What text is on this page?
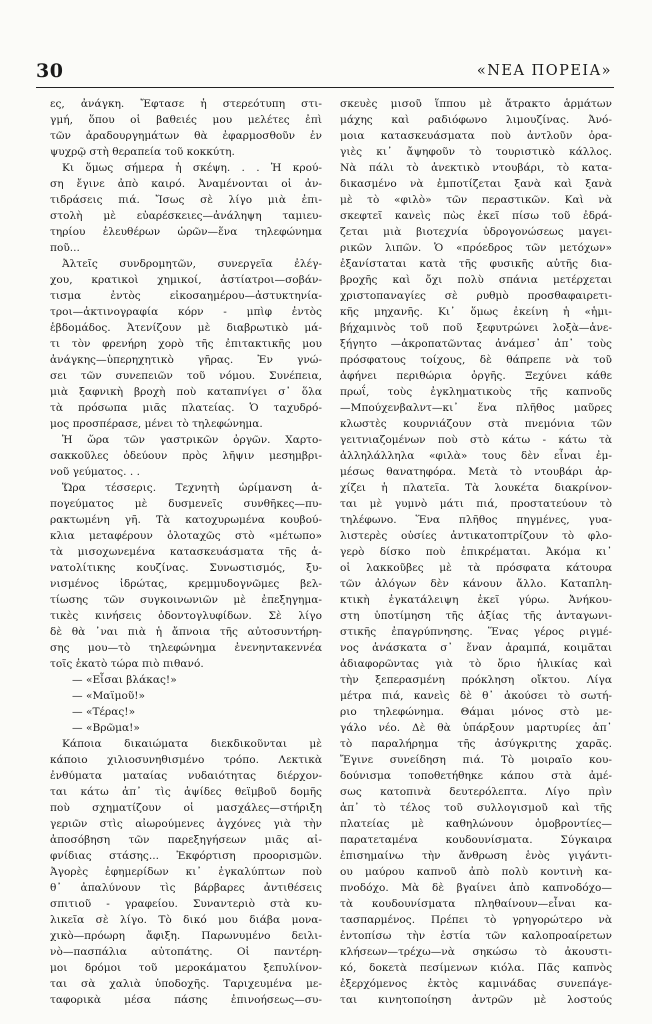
30	«ΝΕΑ ΠΟΡΕΙΑ»
ες, ἀνάγκη. Ἔφτασε ἡ στερεότυπη στι-
γμή, ὅπου οἱ βαθειές μου μελέτες ἐπὶ
τῶν ἀραδουργημάτων θὰ ἐφαρμοσθοῦν ἐν
ψυχρῷ στὴ θεραπεία τοῦ κοκκύτη.
Κι ὅμως σήμερα ἡ σκέψη. . . Ἡ κρού-
ση ἔγινε ἀπὸ καιρό. Ἀναμένονται οἱ ἀν-
τιδράσεις πιά. Ἴσως σὲ λίγο μιὰ ἐπι-
στολὴ μὲ εὐαρέσκειες—ἀνάληψη ταμιευ-
τηρίου ἐλευθέρων ὡρῶν—ἕνα τηλεφώνημα
ποῦ...
Ἀλτεῖς συνδρομητῶν, συνεργεῖα ἐλέγ-
χου, κρατικοὶ χημικοί, ἀστίατροι—σοβάν-
τισμα ἐντὸς εἰκοσαημέρου—ἀστυκτηνία-
τροι—ἀκτινογραφία κόρν - μπὶφ ἐντὸς
ἑβδομάδος. Ἀτενίζουν μὲ διαβρωτικὸ μά-
τι τὸν φρενήρη χορὸ τῆς ἐπιτακτικῆς μου
ἀνάγκης—ὑπερηχητικὸ γῆρας. Ἐν γνώ-
σει τῶν συνεπειῶν τοῦ νόμου. Συνέπεια,
μιὰ ξαφνικὴ βροχὴ ποὺ καταπνίγει σ᾿ ὅλα
τὰ πρόσωπα μιᾶς πλατείας. Ὁ ταχυδρό-
μος προσπέρασε, μένει τὸ τηλεφώνημα.
Ἡ ὥρα τῶν γαστρικῶν ὀργῶν. Χαρτο-
σακκοῦλες ὁδεύουν πρὸς λῆψιν μεσημβρι-
νοῦ γεύματος. . .
Ὥρα τέσσερις. Τεχνητὴ ὡρίμανση ἀ-
πογεύματος μὲ δυσμενεῖς συνθῆκες—πυ-
ρακτωμένη γῆ. Τὰ κατοχυρωμένα κουβού-
κλια μεταφέρουν ὁλοταχῶς στὸ «μέτωπο»
τὰ μισοχωνεμένα κατασκευάσματα τῆς ἀ-
νατολίτικης κουζίνας. Συνωστισμός, ξυ-
νισμένος ἱδρώτας, κρεμμυδογνῶμες βελ-
τίωσης τῶν συγκοινωνιῶν μὲ ἐπεξηγημα-
τικὲς κινήσεις ὀδοντογλυφίδων. Σὲ λίγο
δὲ θὰ ᾽ναι πιὰ ἡ ἄπνοια τῆς αὐτοσυντήρη-
σης μου—τὸ τηλεφώνημα ἐνενηντακεννέα
τοῖς ἑκατὸ τώρα πιὸ πιθανό.
— «Εἶσαι βλάκας!»
— «Μαϊμοῦ!»
— «Τέρας!»
— «Βρῶμα!»
Κάποια δικαιώματα διεκδικοῦνται μὲ
κάποιο χιλιοσυνηθισμένο τρόπο. Λεκτικὰ
ἐνθύματα ματαίας νυδαιότητας διέρχον-
ται κάτω ἀπ᾿ τὶς ἁψίδες θεϊμβοῦ δομῆς
ποὺ σχηματίζουν οἱ μασχάλες—στήριξη
γεριῶν στὶς αἰωρούμενες ἀγχόνες γιὰ τὴν
ἀποσόβηση τῶν παρεξηγήσεων μιᾶς αἰ-
φνίδιας στάσης... Ἐκφόρτιση προορισμῶν.
Ἀγορὲς ἐφημερίδων κι᾿ ἐγκαλύπτων ποὺ
θ᾿ ἀπαλύνουν τὶς βάρβαρες ἀντιθέσεις
σπιτιοῦ - γραφείου. Συναντεριὸ στὰ κυ-
λικεῖα σὲ λίγο. Τὸ δικό μου διάβα μονα-
χικὸ—πρόωρη ἄφιξη. Παρωνυμένο δειλι-
νὸ—πασπάλια αὐτοπάτης. Οἱ παντέρη-
μοι δρόμοι τοῦ μεροκάματου ξεπυλίνον-
ται σὰ χαλιὰ ὑποδοχῆς. Ταριχευμένα με-
ταφορικὰ μέσα πάσης ἐπινοήσεως—συ-
σκευὲς μισοῦ ἵππου μὲ ἄτρακτο ἁρμάτων
μάχης καὶ ραδιόφωνο λιμουζίνας. Ἀνό-
μοια κατασκευάσματα ποὺ ἀντλοῦν ὀρα-
γιὲς κι᾿ ἄψηφοῦν τὸ τουριστικὸ κάλλος.
Νὰ πάλι τὸ ἀνεκτικὸ ντουβάρι, τὸ κατα-
δικασμένο νὰ ἐμποτίζεται ξανὰ καὶ ξανὰ
μὲ τὸ «φιλὸ» τῶν περαστικῶν. Καὶ νὰ
σκεφτεῖ κανεὶς πὼς ἐκεῖ πίσω τοῦ ἐδρά-
ζεται μιὰ βιοτεχνία ὑδρογονώσεως μαγει-
ρικῶν λιπῶν. Ὁ «πρόεδρος τῶν μετόχων»
ἐξανίσταται κατὰ τῆς φυσικῆς αὐτῆς δια-
βροχῆς καὶ ὄχι πολὺ σπάνια μετέρχεται
χριστοπαναγίες σὲ ρυθμὸ προσθαφαιρετι-
κῆς μηχανῆς. Κι᾿ ὅμως ἐκείνη ἡ «ἡμι-
βήχαμινὸς τοῦ ποῦ ξεφυτρώνει λοξὰ—ἀνε-
ξήγητο —ἀκροπατῶντας ἀνάμεσ᾿ ἀπ᾿ τοὺς
πρόσφατους τοίχους, δὲ θάπρεπε νὰ τοῦ
ἀφήνει περιθώρια ὀργῆς. Ξεχύνει κάθε
πρωΐ, τοὺς ἐγκληματικοὺς τῆς καπνοῦς
—Μπούχενβαλντ—κι᾿ ἕνα πλῆθος μαῦρες
κλωστὲς κουρνιάζουν στὰ πνεμόνια τῶν
γειτνιαζομένων ποὺ στὸ κάτω - κάτω τὰ
ἀλληλάλληλα «φιλὰ» τους δὲν εἶναι ἐμ-
μέσως θανατηφόρα. Μετὰ τὸ ντουβάρι ἀρ-
χίζει ἡ πλατεῖα. Τὰ λουκέτα διακρίνον-
ται μὲ γυμνὸ μάτι πιά, προστατεύουν τὸ
τηλέφωνο. Ἕνα πλῆθος πηγμένες, γυα-
λιστερὲς οὐσίες ἀντικατοπτρίζουν τὸ φλο-
γερὸ δίσκο ποὺ ἐπικρέμαται. Ἀκόμα κι᾿
οἱ λακκοῦβες μὲ τὰ πρόσφατα κάτουρα
τῶν ἀλόγων δὲν κάνουν ἄλλο. Καταπλη-
κτικὴ ἐγκατάλειψη ἐκεῖ γύρω. Ἀνήκου-
στη ὑποτίμηση τῆς ἀξίας τῆς ἀνταγωνι-
στικῆς ἐπαγρύπνησης. Ἕνας γέρος ριγμέ-
νος ἀνάσκατα σ᾿ ἕναν ἀραμπά, κοιμᾶται
ἀδιαφορῶντας γιὰ τὸ ὅριο ἡλικίας καὶ
τὴν ξεπερασμένη πρόκληση οἴκτου. Λίγα
μέτρα πιά, κανεὶς δὲ θ᾿ ἀκούσει τὸ σωτή-
ριο τηλεφώνημα. Θάμαι μόνος στὸ με-
γάλο νέο. Δὲ θὰ ὑπάρξουν μαρτυρίες ἀπ᾿
τὸ παραλήρημα τῆς ἀσύγκριτης χαρᾶς.
Ἔγινε συνείδηση πιά. Τὸ μοιραῖο κου-
δούνισμα τοποθετήθηκε κάπου στὰ ἀμέ-
σως κατοπινὰ δευτερόλεπτα. Λίγο πρὶν
ἀπ᾿ τὸ τέλος τοῦ συλλογισμοῦ καὶ τῆς
πλατείας μὲ καθηλώνουν ὁμοβροντίες—
παρατεταμένα κουδουνίσματα. Σύγκαιρα
ἐπισημαίνω τὴν ἄνθρωση ἑνὸς γιγάντι-
ου μαύρου καπνοῦ ἀπὸ πολὺ κοντινὴ κα-
πνοδόχο. Μὰ δὲ βγαίνει ἀπὸ καπνοδόχο—
τὰ κουδουνίσματα πληθαίνουν—εἶναι κα-
τασπαρμένος. Πρέπει τὸ γρηγορώτερο νὰ
ἐντοπίσω τὴν ἑστία τῶν καλοπροαίρετων
κλήσεων—τρέχω—νὰ σηκώσω τὸ ἀκουστι-
κό, δοκετὰ πεσίμενων κιόλα. Πᾶς καπνὸς
ἐξερχόμενος ἐκτὸς καμινάδας συνεπάγε-
ται κινητοποίηση ἀντρῶν μὲ λοστούς
